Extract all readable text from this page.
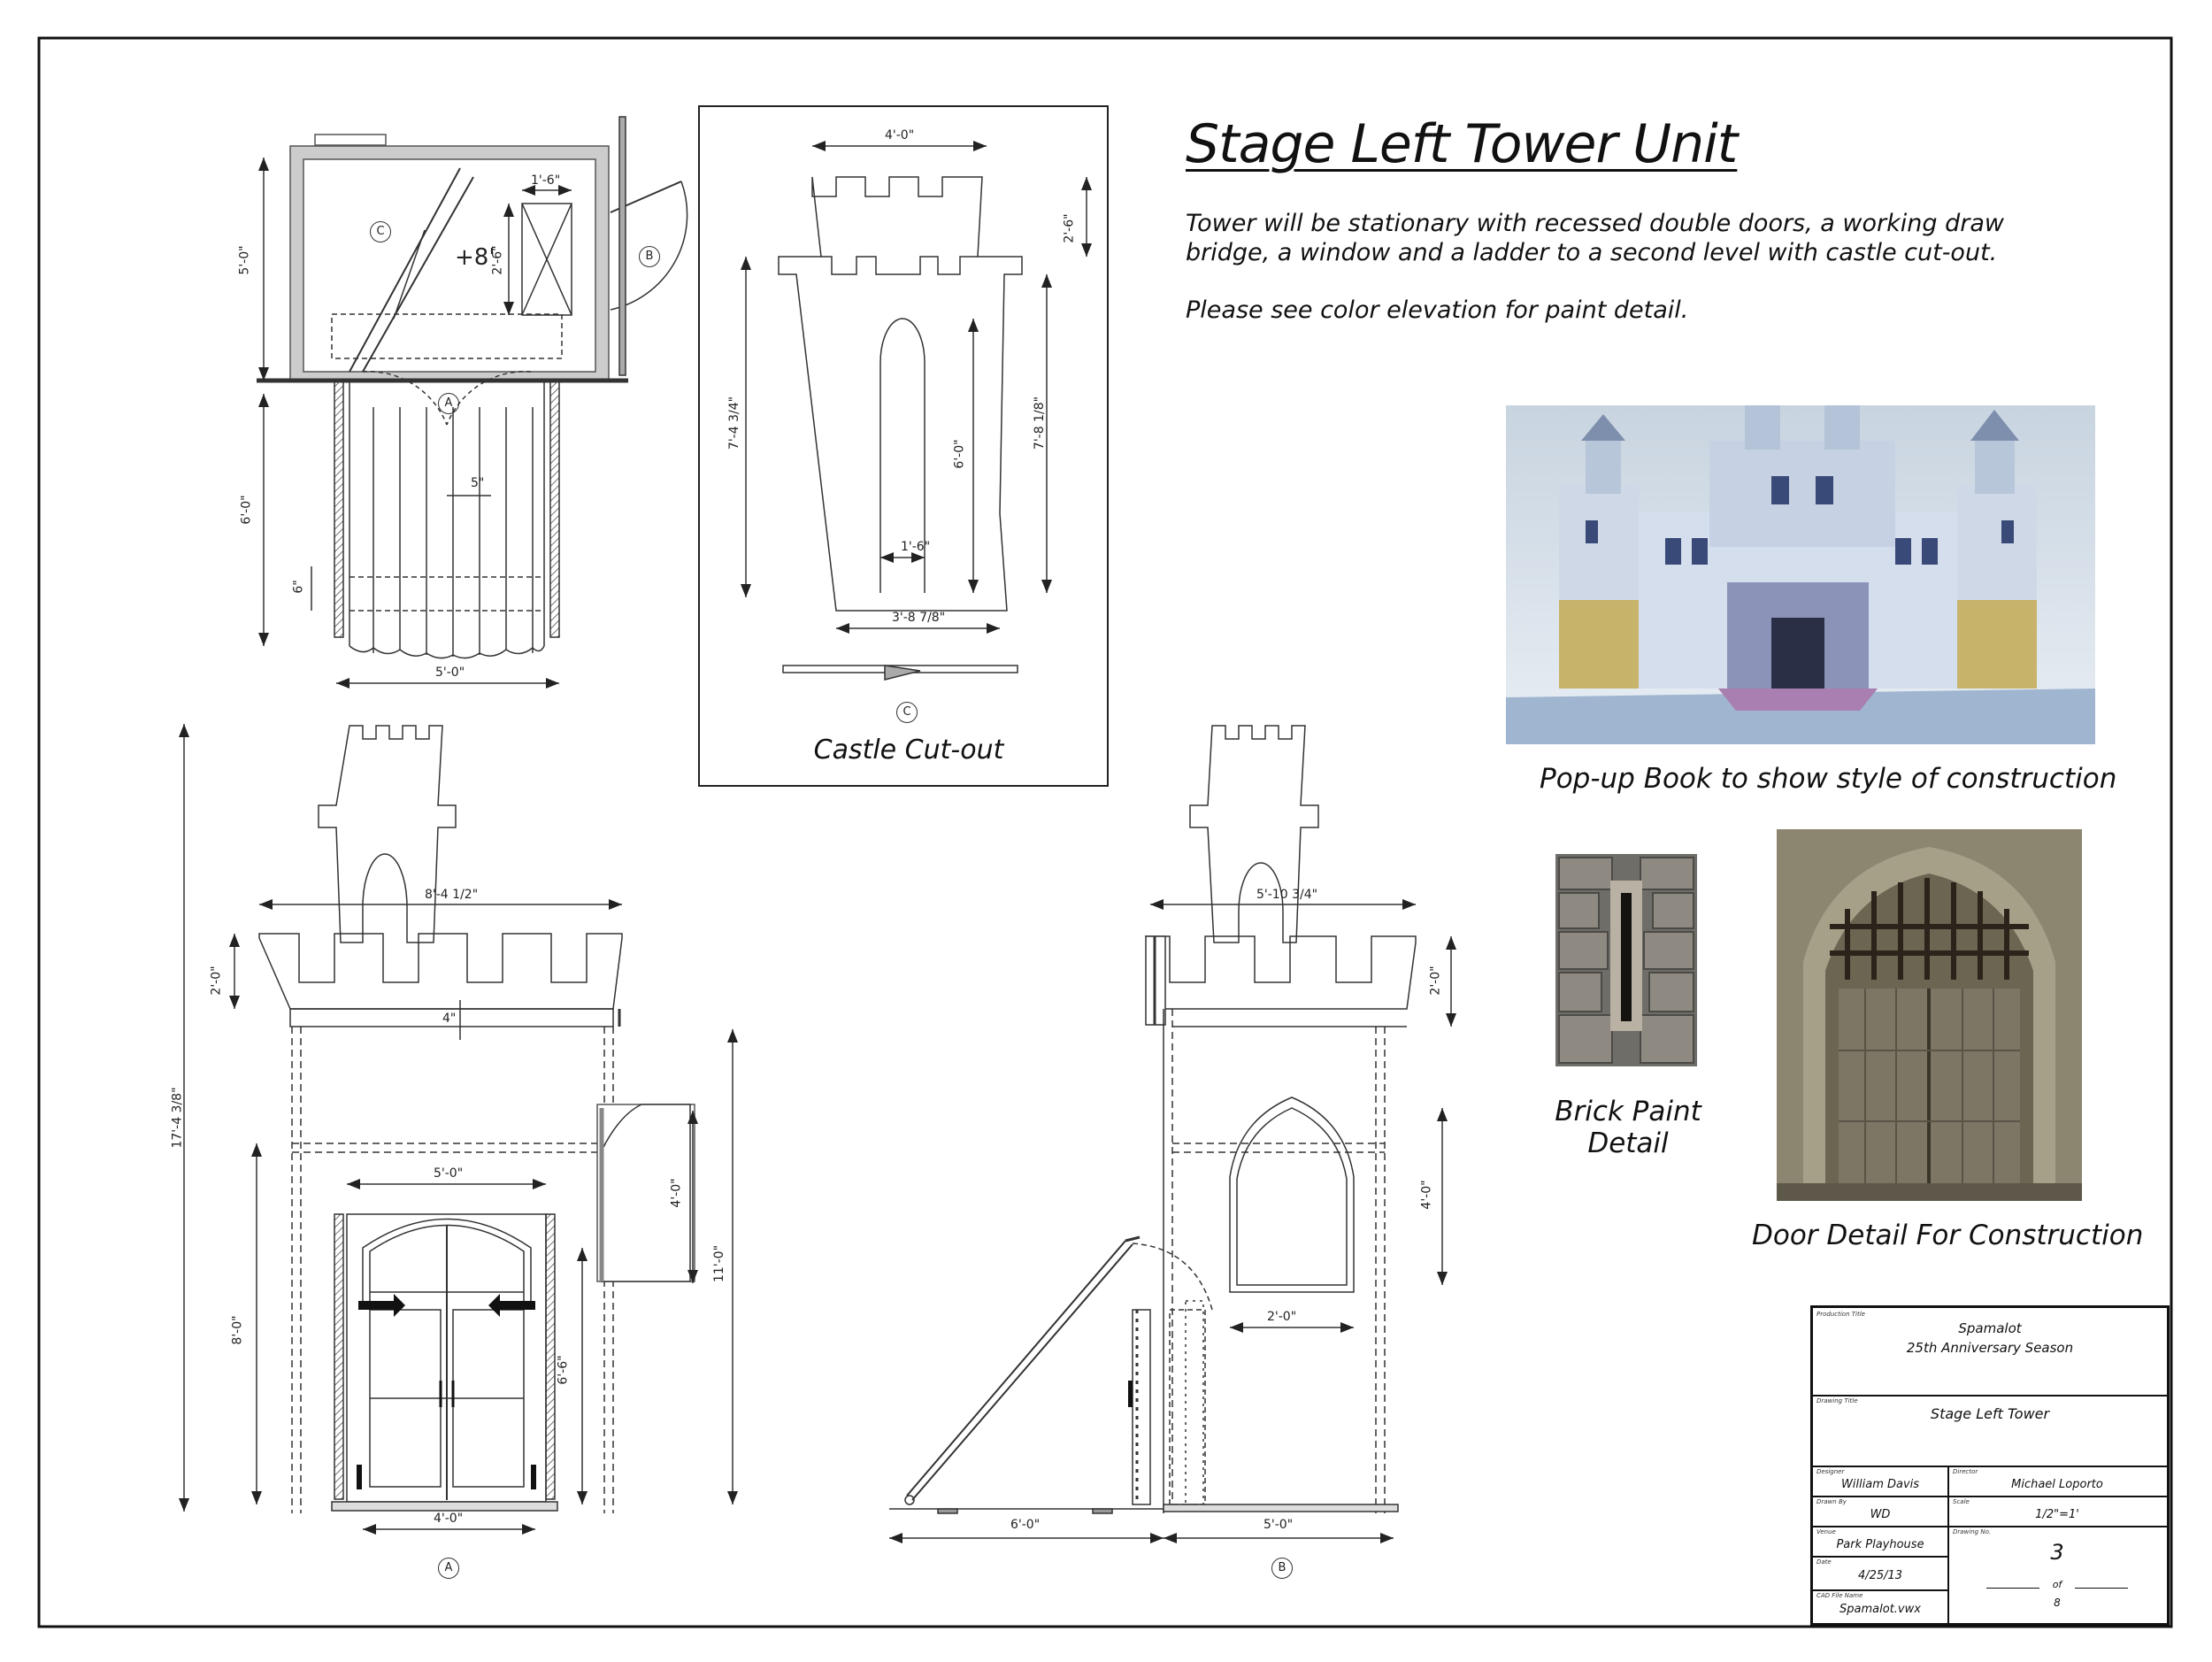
Stage Left Tower Unit

Tower will be stationary with recessed double doors, a working draw bridge, a window and a ladder to a second level with castle cut-out.

Please see color elevation for paint detail.

Pop-up Book to show style of construction
Brick Paint Detail
Door Detail For Construction
Castle Cut-out
5'-0"
1'-6"
2'-6"
+8'
6'-0"
5"
6"
5'-0"
A
B
C
4'-0"
2'-6"
7'-4 3/4"
6'-0"
7'-8 1/8"
1'-6"
3'-8 7/8"
C
17'-4 3/8"
8'-4 1/2"
2'-0"
4"
5'-0"
6'-6"
8'-0"
4'-0"
11'-0"
4'-0"
A
5'-10 3/4"
2'-0"
4'-0"
2'-0"
6'-0"	5'-0"
B
Production Title
Spamalot
25th Anniversary Season
Drawing Title
Stage Left Tower
Designer
William Davis
Director
Michael Loporto
Drawn By
WD
Scale
1/2"=1'
Venue
Park Playhouse
Drawing No.
3
of
8
Date
4/25/13
CAD File Name
Spamalot.vwx
